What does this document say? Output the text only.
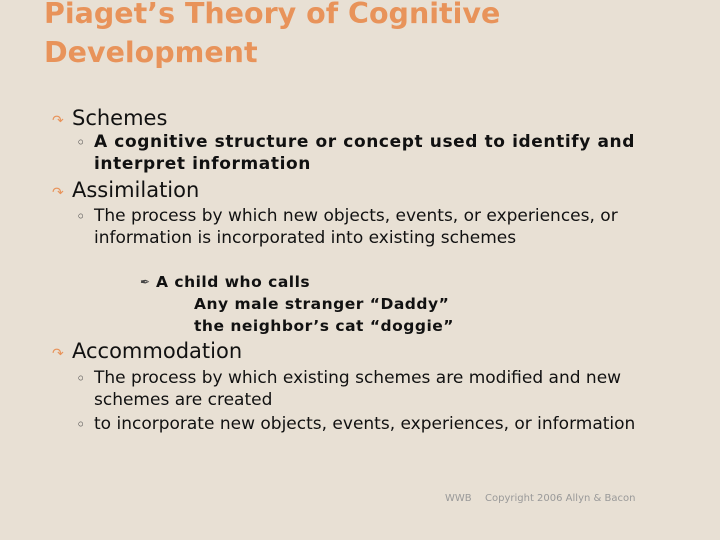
Piaget’s Theory of Cognitive
Development
↷ Schemes
◦ A cognitive structure or concept used to identify and interpret information
↷ Assimilation
◦ The process by which new objects, events, or experiences, or information is incorporated into existing schemes
✒ A child who calls
Any male stranger “Daddy”
the neighbor’s cat “doggie”
↷ Accommodation
◦ The process by which existing schemes are modified and new schemes are created
◦ to incorporate new objects, events, experiences, or information
WWB Copyright 2006 Allyn & Bacon
